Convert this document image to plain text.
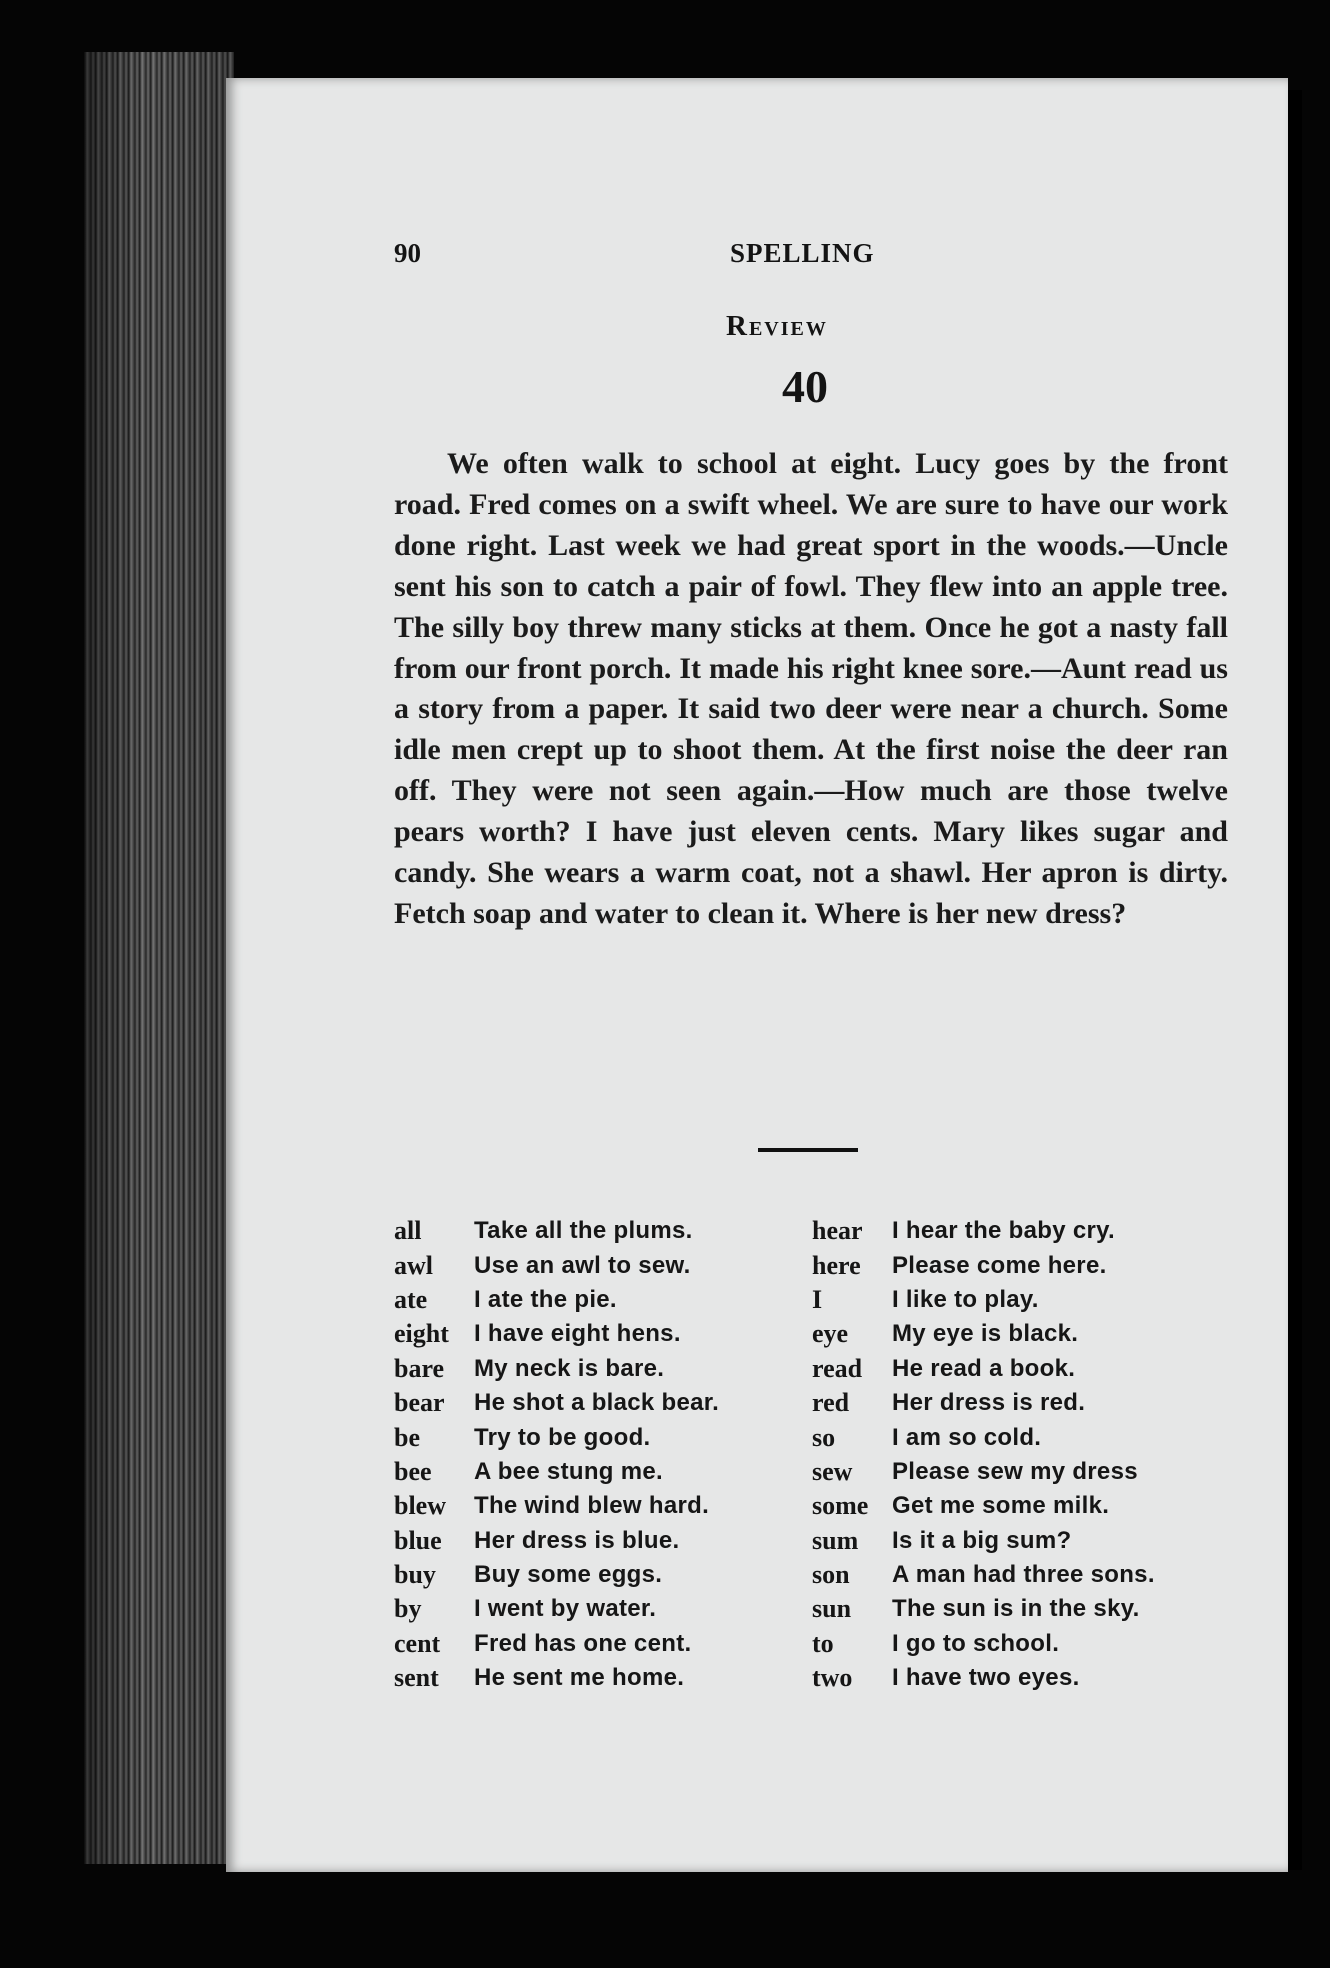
90	SPELLING
Review
40

We often walk to school at eight. Lucy goes by the front road. Fred comes on a swift wheel. We are sure to have our work done right. Last week we had great sport in the woods.—Uncle sent his son to catch a pair of fowl. They flew into an apple tree. The silly boy threw many sticks at them. Once he got a nasty fall from our front porch. It made his right knee sore.—Aunt read us a story from a paper. It said two deer were near a church. Some idle men crept up to shoot them. At the first noise the deer ran off. They were not seen again.—How much are those twelve pears worth? I have just eleven cents. Mary likes sugar and candy. She wears a warm coat, not a shawl. Her apron is dirty. Fetch soap and water to clean it. Where is her new dress?

all	Take all the plums.
awl	Use an awl to sew.
ate	I ate the pie.
eight	I have eight hens.
bare	My neck is bare.
bear	He shot a black bear.
be	Try to be good.
bee	A bee stung me.
blew	The wind blew hard.
blue	Her dress is blue.
buy	Buy some eggs.
by	I went by water.
cent	Fred has one cent.
sent	He sent me home.
hear	I hear the baby cry.
here	Please come here.
I	I like to play.
eye	My eye is black.
read	He read a book.
red	Her dress is red.
so	I am so cold.
sew	Please sew my dress
some Get me some milk.
sum	Is it a big sum?
son	A man had three sons.
sun	The sun is in the sky.
to	I go to school.
two	I have two eyes.
